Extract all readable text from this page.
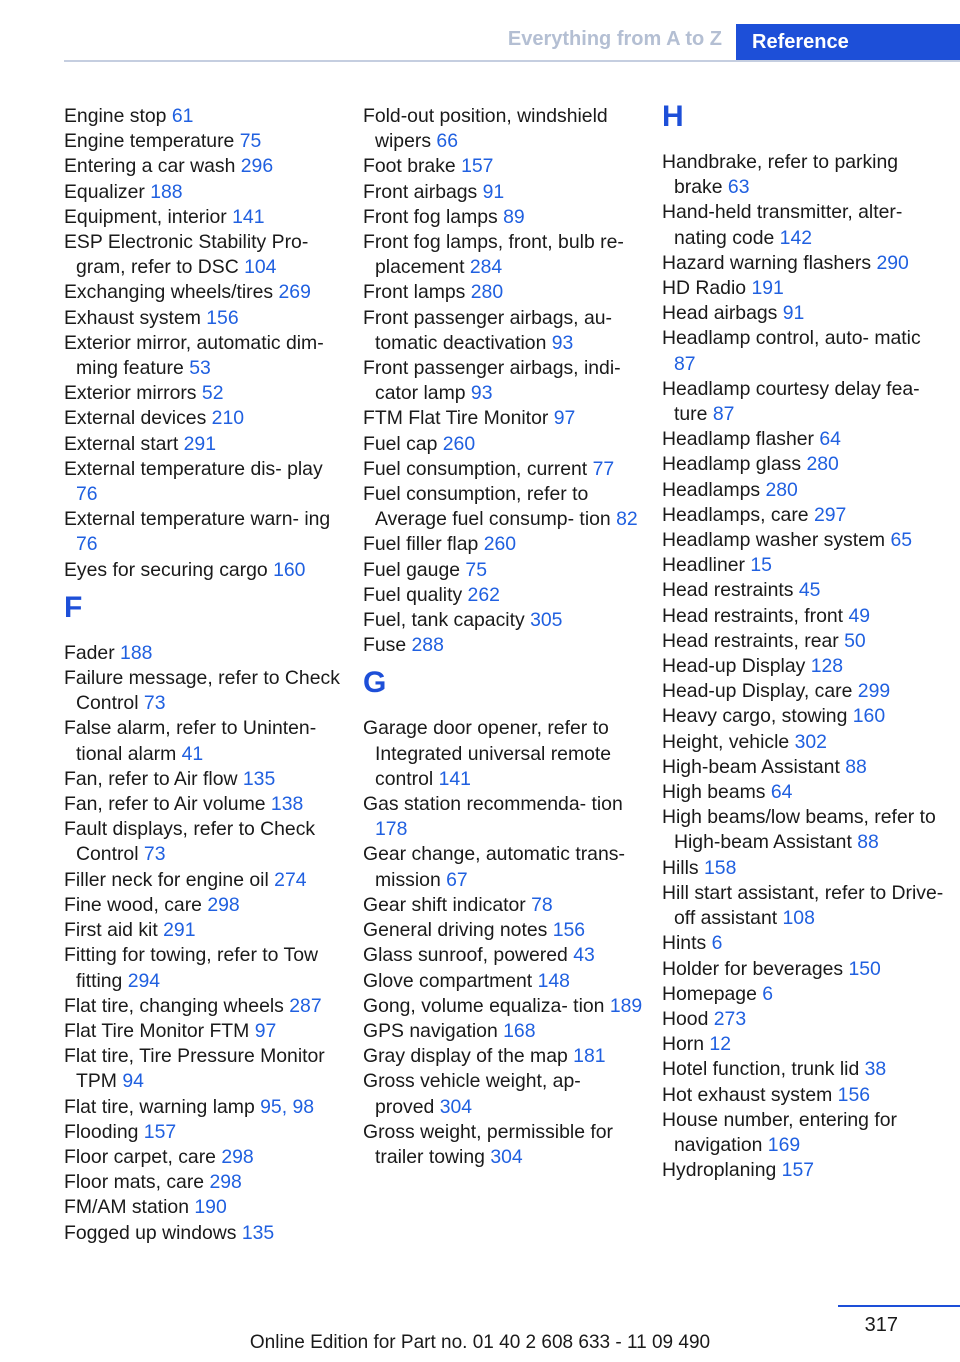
Everything from A to Z	Reference
Engine stop 61
Engine temperature 75
Entering a car wash 296
Equalizer 188
Equipment, interior 141
ESP Electronic Stability Pro‐ gram, refer to DSC 104
Exchanging wheels/tires 269
Exhaust system 156
Exterior mirror, automatic dim‐ ming feature 53
Exterior mirrors 52
External devices 210
External start 291
External temperature dis‐ play 76
External temperature warn‐ ing 76
Eyes for securing cargo 160
F
Fader 188
Failure message, refer to Check Control 73
False alarm, refer to Uninten‐ tional alarm 41
Fan, refer to Air flow 135
Fan, refer to Air volume 138
Fault displays, refer to Check Control 73
Filler neck for engine oil 274
Fine wood, care 298
First aid kit 291
Fitting for towing, refer to Tow fitting 294
Flat tire, changing wheels 287
Flat Tire Monitor FTM 97
Flat tire, Tire Pressure Monitor TPM 94
Flat tire, warning lamp 95, 98
Flooding 157
Floor carpet, care 298
Floor mats, care 298
FM/AM station 190
Fogged up windows 135
Fold-out position, windshield wipers 66
Foot brake 157
Front airbags 91
Front fog lamps 89
Front fog lamps, front, bulb re‐ placement 284
Front lamps 280
Front passenger airbags, au‐ tomatic deactivation 93
Front passenger airbags, indi‐ cator lamp 93
FTM Flat Tire Monitor 97
Fuel cap 260
Fuel consumption, current 77
Fuel consumption, refer to Average fuel consump‐ tion 82
Fuel filler flap 260
Fuel gauge 75
Fuel quality 262
Fuel, tank capacity 305
Fuse 288
G
Garage door opener, refer to Integrated universal remote control 141
Gas station recommenda‐ tion 178
Gear change, automatic trans‐ mission 67
Gear shift indicator 78
General driving notes 156
Glass sunroof, powered 43
Glove compartment 148
Gong, volume equaliza‐ tion 189
GPS navigation 168
Gray display of the map 181
Gross vehicle weight, ap‐ proved 304
Gross weight, permissible for trailer towing 304
H
Handbrake, refer to parking brake 63
Hand-held transmitter, alter‐ nating code 142
Hazard warning flashers 290
HD Radio 191
Head airbags 91
Headlamp control, auto‐ matic 87
Headlamp courtesy delay fea‐ ture 87
Headlamp flasher 64
Headlamp glass 280
Headlamps 280
Headlamps, care 297
Headlamp washer system 65
Headliner 15
Head restraints 45
Head restraints, front 49
Head restraints, rear 50
Head-up Display 128
Head-up Display, care 299
Heavy cargo, stowing 160
Height, vehicle 302
High-beam Assistant 88
High beams 64
High beams/low beams, refer to High-beam Assistant 88
Hills 158
Hill start assistant, refer to Drive-off assistant 108
Hints 6
Holder for beverages 150
Homepage 6
Hood 273
Horn 12
Hotel function, trunk lid 38
Hot exhaust system 156
House number, entering for navigation 169
Hydroplaning 157
317
Online Edition for Part no. 01 40 2 608 633 - 11 09 490
